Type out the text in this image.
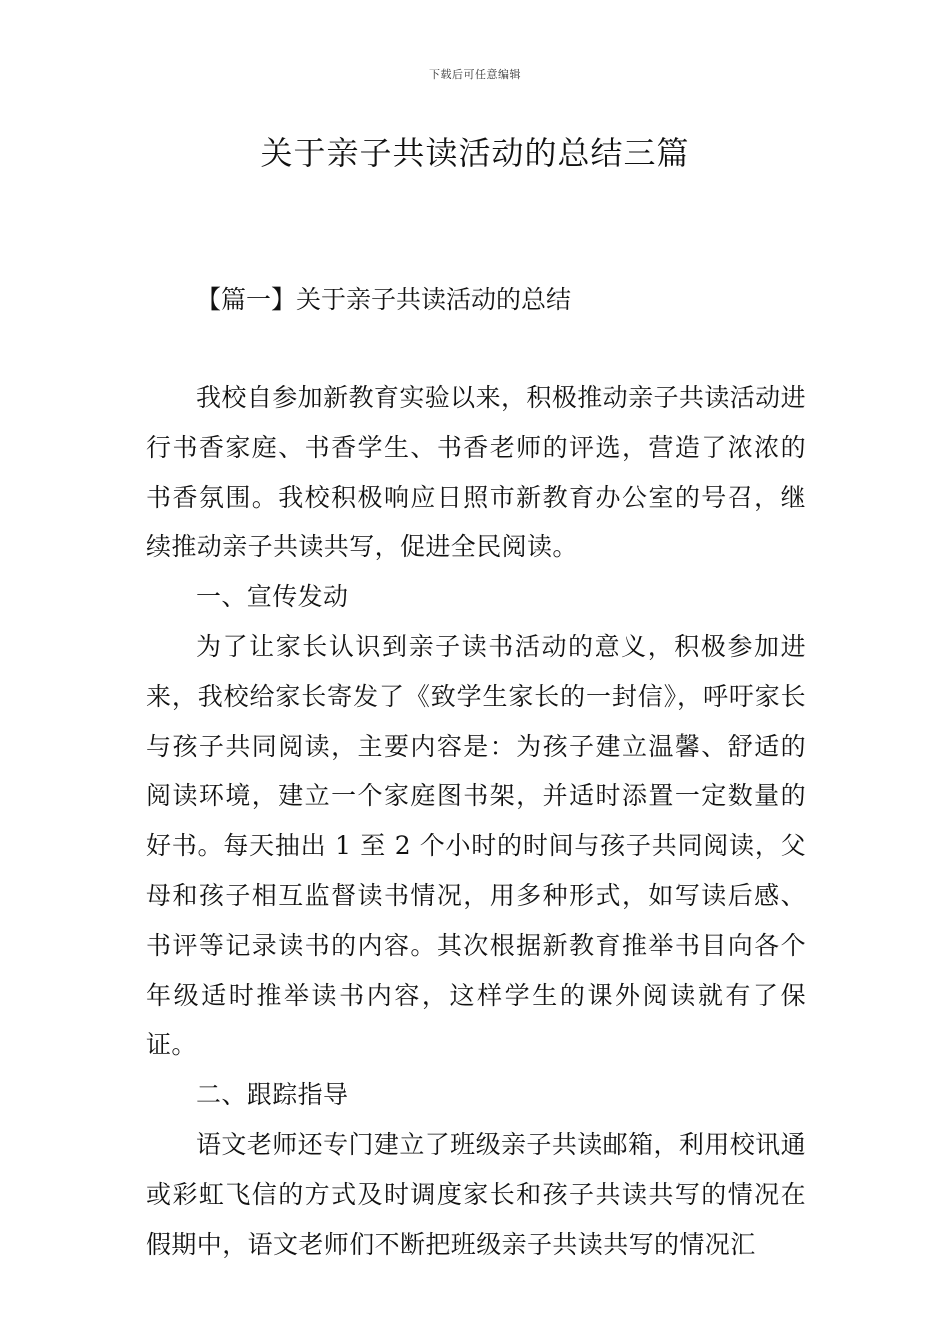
下载后可任意编辑
关于亲子共读活动的总结三篇
【篇一】关于亲子共读活动的总结

我校自参加新教育实验以来，积极推动亲子共读活动进行书香家庭、书香学生、书香老师的评选，营造了浓浓的书香氛围。我校积极响应日照市新教育办公室的号召，继续推动亲子共读共写，促进全民阅读。

一、宣传发动

为了让家长认识到亲子读书活动的意义，积极参加进来，我校给家长寄发了《致学生家长的一封信》，呼吁家长与孩子共同阅读，主要内容是：为孩子建立温馨、舒适的阅读环境，建立一个家庭图书架，并适时添置一定数量的好书。每天抽出 1 至 2 个小时的时间与孩子共同阅读，父母和孩子相互监督读书情况，用多种形式，如写读后感、书评等记录读书的内容。其次根据新教育推举书目向各个年级适时推举读书内容，这样学生的课外阅读就有了保证。

二、跟踪指导

语文老师还专门建立了班级亲子共读邮箱，利用校讯通或彩虹飞信的方式及时调度家长和孩子共读共写的情况在假期中，语文老师们不断把班级亲子共读共写的情况汇
